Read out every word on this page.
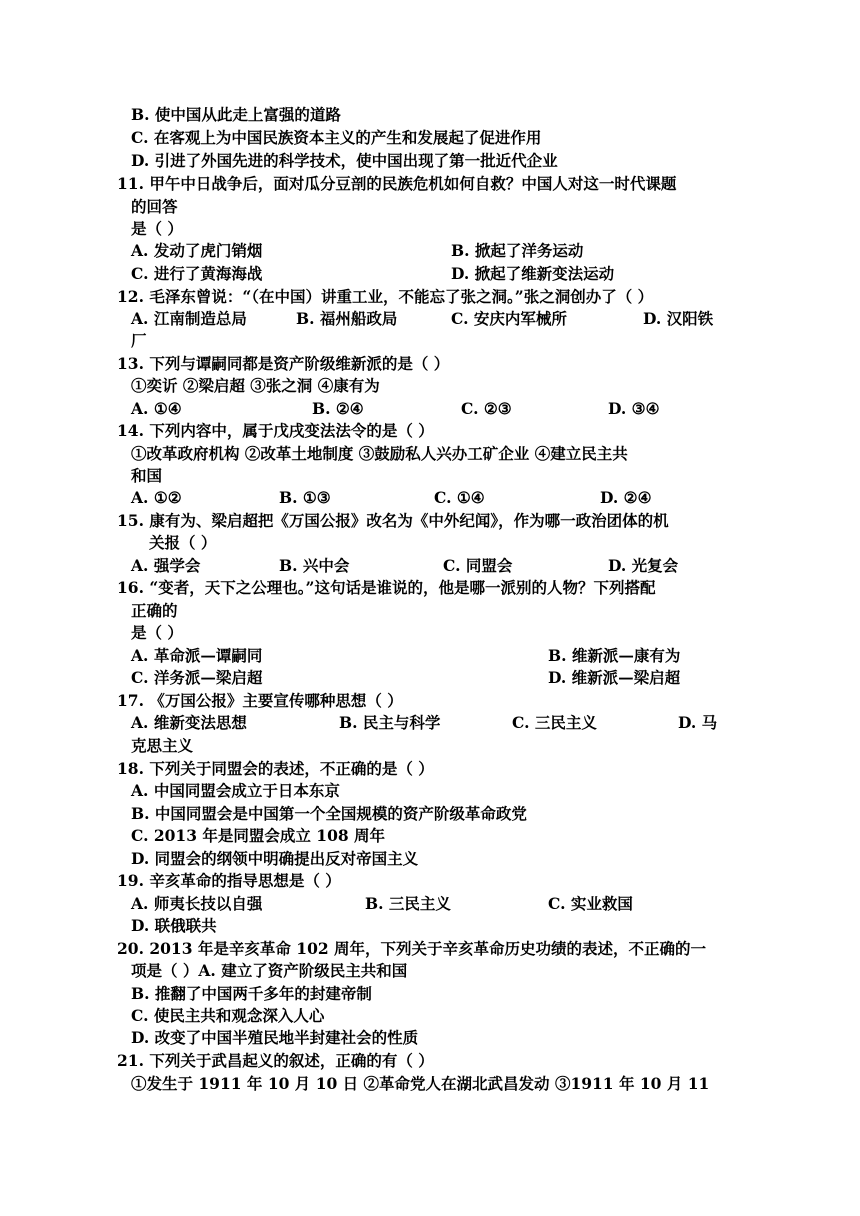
B. 使中国从此走上富强的道路
C. 在客观上为中国民族资本主义的产生和发展起了促进作用
D. 引进了外国先进的科学技术，使中国出现了第一批近代企业
11. 甲午中日战争后，面对瓜分豆剖的民族危机如何自救？中国人对这一时代课题
的回答
是（ ）
A. 发动了虎门销烟	B. 掀起了洋务运动
C. 进行了黄海海战	D. 掀起了维新变法运动
12. 毛泽东曾说：“（在中国）讲重工业，不能忘了张之洞。”张之洞创办了（ ）
A. 江南制造总局	B. 福州船政局	C. 安庆内军械所	D. 汉阳铁
厂
13. 下列与谭嗣同都是资产阶级维新派的是（ ）
①奕䜣 ②梁启超 ③张之洞 ④康有为
A. ①④	B. ②④	C. ②③	D. ③④
14. 下列内容中，属于戊戌变法法令的是（ ）
①改革政府机构 ②改革土地制度 ③鼓励私人兴办工矿企业 ④建立民主共
和国
A. ①②	B. ①③	C. ①④	D. ②④
15. 康有为、梁启超把《万国公报》改名为《中外纪闻》，作为哪一政治团体的机
关报（ ）
A. 强学会	B. 兴中会	C. 同盟会	D. 光复会
16. “变者，天下之公理也。”这句话是谁说的，他是哪一派别的人物？下列搭配
正确的
是（ ）
A. 革命派—谭嗣同	B. 维新派—康有为
C. 洋务派—梁启超	D. 维新派—梁启超
17. 《万国公报》主要宣传哪种思想（ ）
A. 维新变法思想	B. 民主与科学	C. 三民主义	D. 马
克思主义
18. 下列关于同盟会的表述，不正确的是（ ）
A. 中国同盟会成立于日本东京
B. 中国同盟会是中国第一个全国规模的资产阶级革命政党
C. 2013 年是同盟会成立 108 周年
D. 同盟会的纲领中明确提出反对帝国主义
19. 辛亥革命的指导思想是（ ）
A. 师夷长技以自强	B. 三民主义	C. 实业救国
D. 联俄联共
20. 2013 年是辛亥革命 102 周年，下列关于辛亥革命历史功绩的表述，不正确的一
项是（ ）A. 建立了资产阶级民主共和国
B. 推翻了中国两千多年的封建帝制
C. 使民主共和观念深入人心
D. 改变了中国半殖民地半封建社会的性质
21. 下列关于武昌起义的叙述，正确的有（ ）
①发生于 1911 年 10 月 10 日 ②革命党人在湖北武昌发动 ③1911 年 10 月 11
